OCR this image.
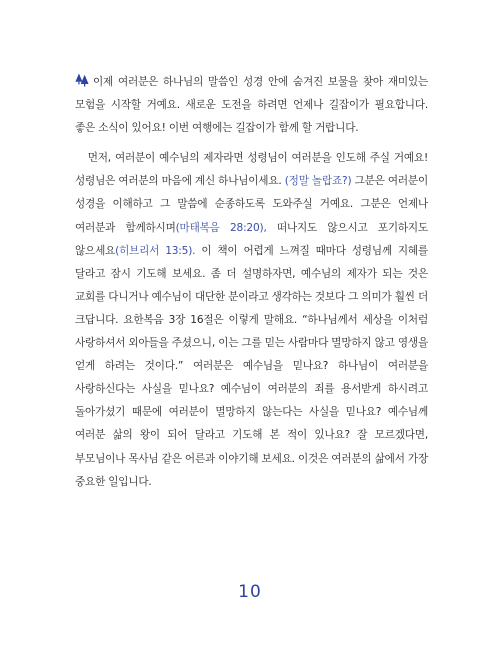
이제 여러분은 하나님의 말씀인 성경 안에 숨겨진 보물을 찾아 재미있는 모험을 시작할 거예요. 새로운 도전을 하려면 언제나 길잡이가 필요합니다. 좋은 소식이 있어요! 이번 여행에는 길잡이가 함께 할 거랍니다.

먼저, 여러분이 예수님의 제자라면 성령님이 여러분을 인도해 주실 거예요! 성령님은 여러분의 마음에 계신 하나님이세요. (정말 놀랍죠?) 그분은 여러분이 성경을 이해하고 그 말씀에 순종하도록 도와주실 거예요. 그분은 언제나 여러분과 함께하시며(마태복음 28:20), 떠나지도 않으시고 포기하지도 않으세요(히브리서 13:5). 이 책이 어렵게 느껴질 때마다 성령님께 지혜를 달라고 잠시 기도해 보세요. 좀 더 설명하자면, 예수님의 제자가 되는 것은 교회를 다니거나 예수님이 대단한 분이라고 생각하는 것보다 그 의미가 훨씬 더 크답니다. 요한복음 3장 16절은 이렇게 말해요. “하나님께서 세상을 이처럼 사랑하셔서 외아들을 주셨으니, 이는 그를 믿는 사람마다 멸망하지 않고 영생을 얻게 하려는 것이다.” 여러분은 예수님을 믿나요? 하나님이 여러분을 사랑하신다는 사실을 믿나요? 예수님이 여러분의 죄를 용서받게 하시려고 돌아가셨기 때문에 여러분이 멸망하지 않는다는 사실을 믿나요? 예수님께 여러분 삶의 왕이 되어 달라고 기도해 본 적이 있나요? 잘 모르겠다면, 부모님이나 목사님 같은 어른과 이야기해 보세요. 이것은 여러분의 삶에서 가장 중요한 일입니다.

10
